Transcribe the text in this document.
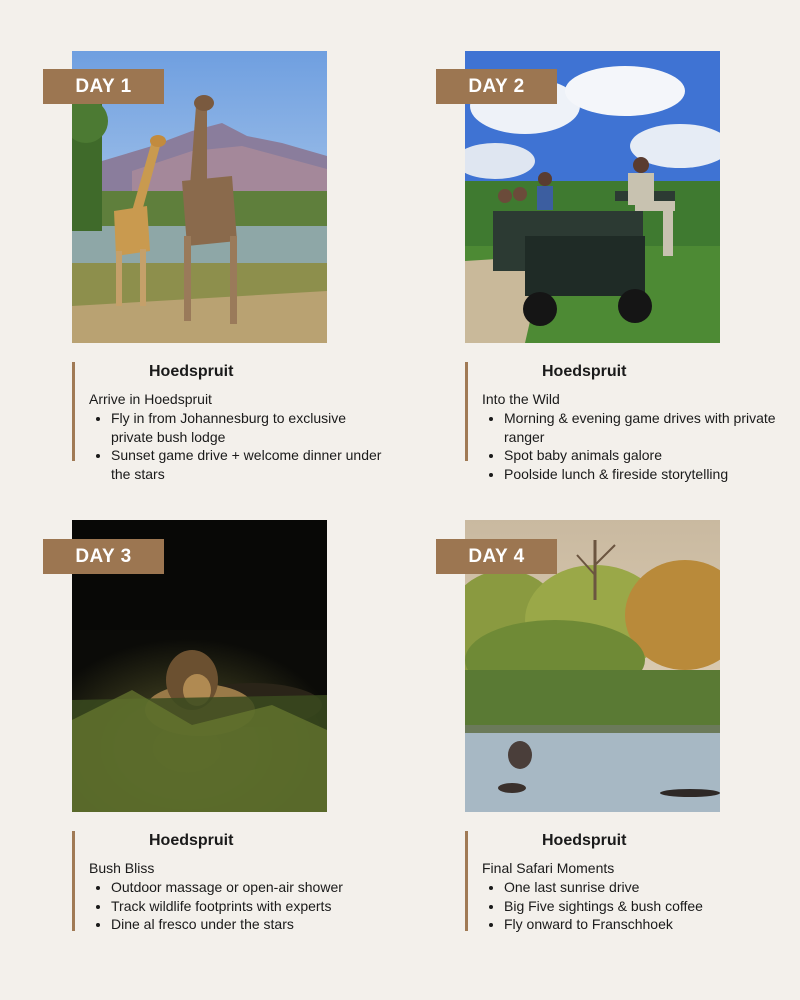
DAY 1	DAY 2
Hoedspruit
Arrive in Hoedspruit
• Fly in from Johannesburg to exclusive private bush lodge
• Sunset game drive + welcome dinner under the stars
Hoedspruit
Into the Wild
• Morning & evening game drives with private ranger
• Spot baby animals galore
• Poolside lunch & fireside storytelling
DAY 3	DAY 4
Hoedspruit
Bush Bliss
• Outdoor massage or open-air shower
• Track wildlife footprints with experts
• Dine al fresco under the stars
Hoedspruit
Final Safari Moments
• One last sunrise drive
• Big Five sightings & bush coffee
• Fly onward to Franschhoek
